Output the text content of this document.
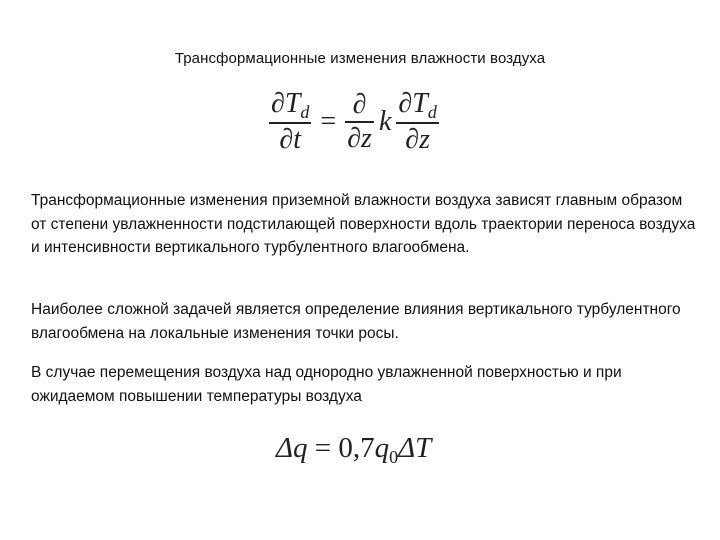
Трансформационные изменения влажности воздуха
$\frac{\partial T_d}{\partial t} = \frac{\partial}{\partial z}$ k $\frac{\partial T_d}{\partial z}$

Трансформационные изменения приземной влажности воздуха зависят главным образом от степени увлажненности подстилающей поверхности вдоль траектории переноса воздуха и интенсивности вертикального турбулентного влагообмена.

Наиболее сложной задачей является определение влияния вертикального турбулентного влагообмена на локальные изменения точки росы.

В случае перемещения воздуха над однородно увлажненной поверхностью и при ожидаемом повышении температуры воздуха

$\Delta q = 0,7q_0\Delta T$
